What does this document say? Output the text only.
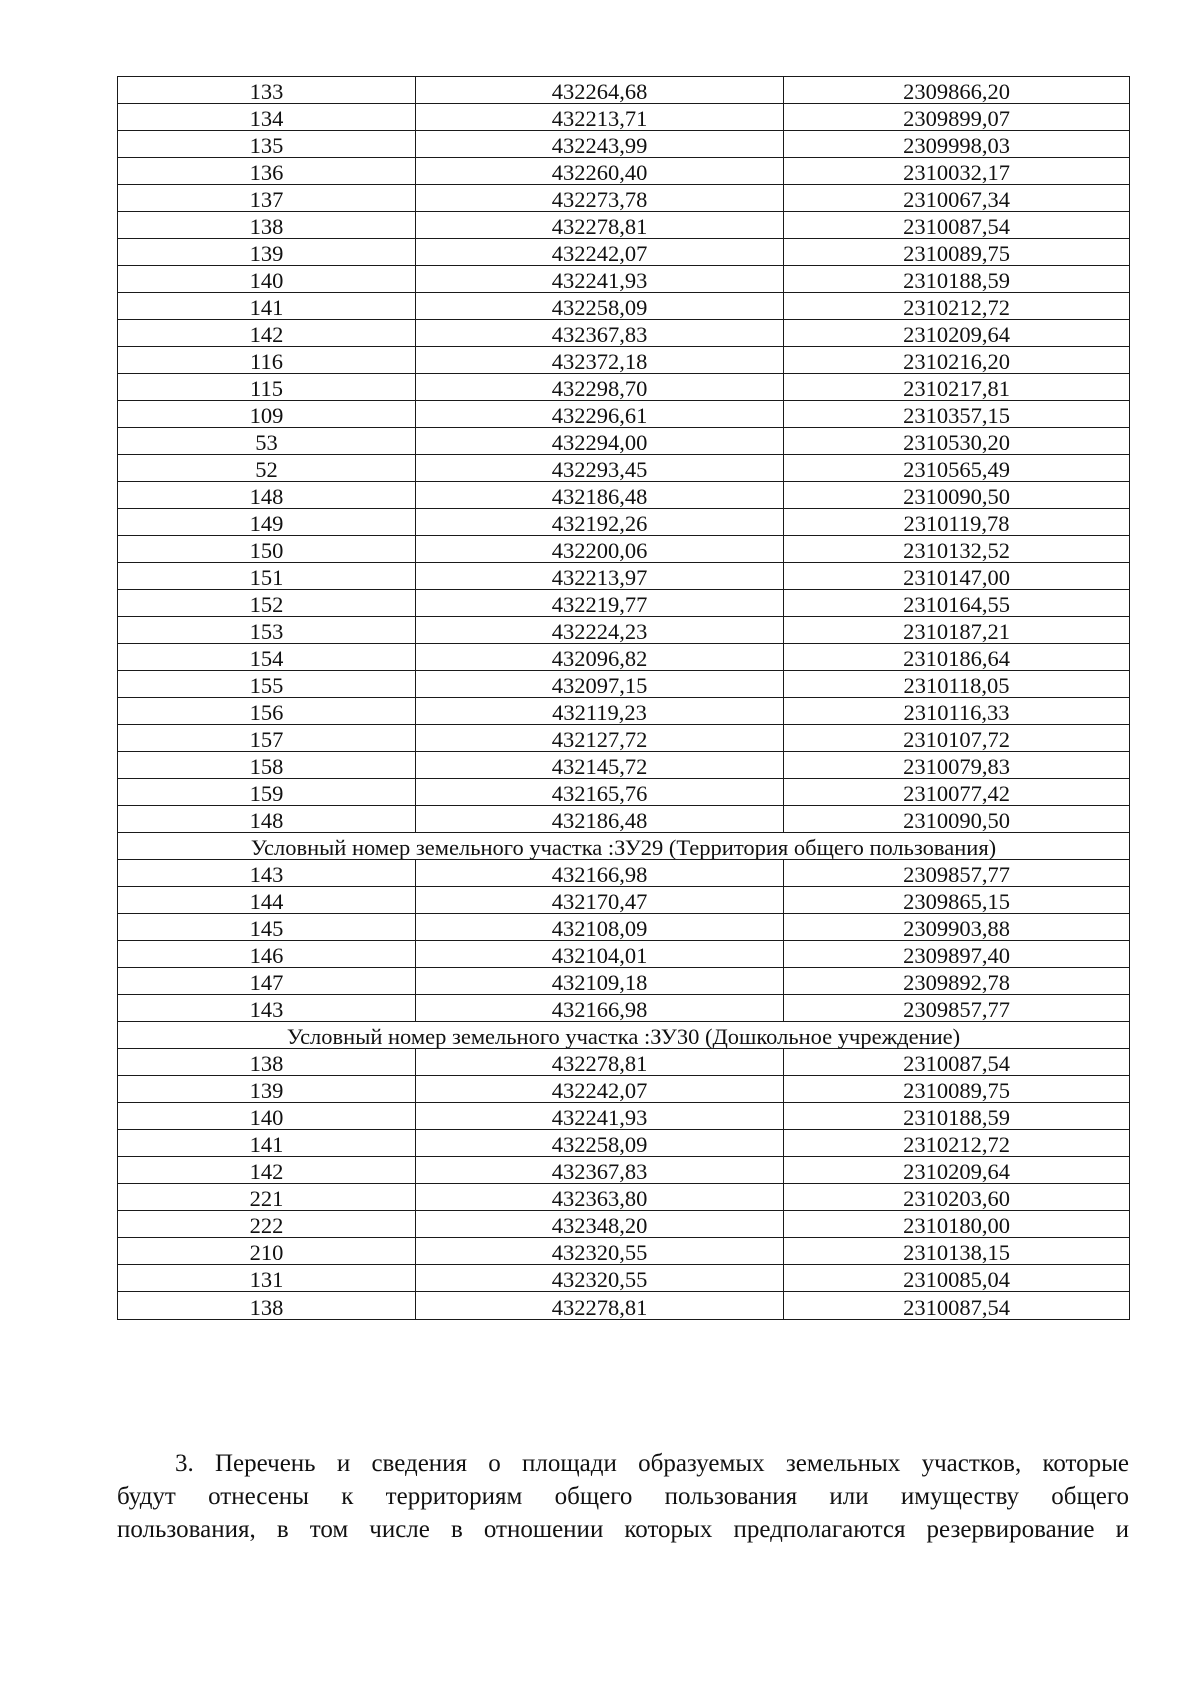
133	432264,68	2309866,20
134	432213,71	2309899,07
135	432243,99	2309998,03
136	432260,40	2310032,17
137	432273,78	2310067,34
138	432278,81	2310087,54
139	432242,07	2310089,75
140	432241,93	2310188,59
141	432258,09	2310212,72
142	432367,83	2310209,64
116	432372,18	2310216,20
115	432298,70	2310217,81
109	432296,61	2310357,15
53	432294,00	2310530,20
52	432293,45	2310565,49
148	432186,48	2310090,50
149	432192,26	2310119,78
150	432200,06	2310132,52
151	432213,97	2310147,00
152	432219,77	2310164,55
153	432224,23	2310187,21
154	432096,82	2310186,64
155	432097,15	2310118,05
156	432119,23	2310116,33
157	432127,72	2310107,72
158	432145,72	2310079,83
159	432165,76	2310077,42
148	432186,48	2310090,50
Условный номер земельного участка :ЗУ29 (Территория общего пользования)		
143	432166,98	2309857,77
144	432170,47	2309865,15
145	432108,09	2309903,88
146	432104,01	2309897,40
147	432109,18	2309892,78
143	432166,98	2309857,77
Условный номер земельного участка :ЗУ30 (Дошкольное учреждение)		
138	432278,81	2310087,54
139	432242,07	2310089,75
140	432241,93	2310188,59
141	432258,09	2310212,72
142	432367,83	2310209,64
221	432363,80	2310203,60
222	432348,20	2310180,00
210	432320,55	2310138,15
131	432320,55	2310085,04
138	432278,81	2310087,54
3. Перечень и сведения о площади образуемых земельных участков, которые
будут отнесены к территориям общего пользования или имуществу общего
пользования, в том числе в отношении которых предполагаются резервирование и
